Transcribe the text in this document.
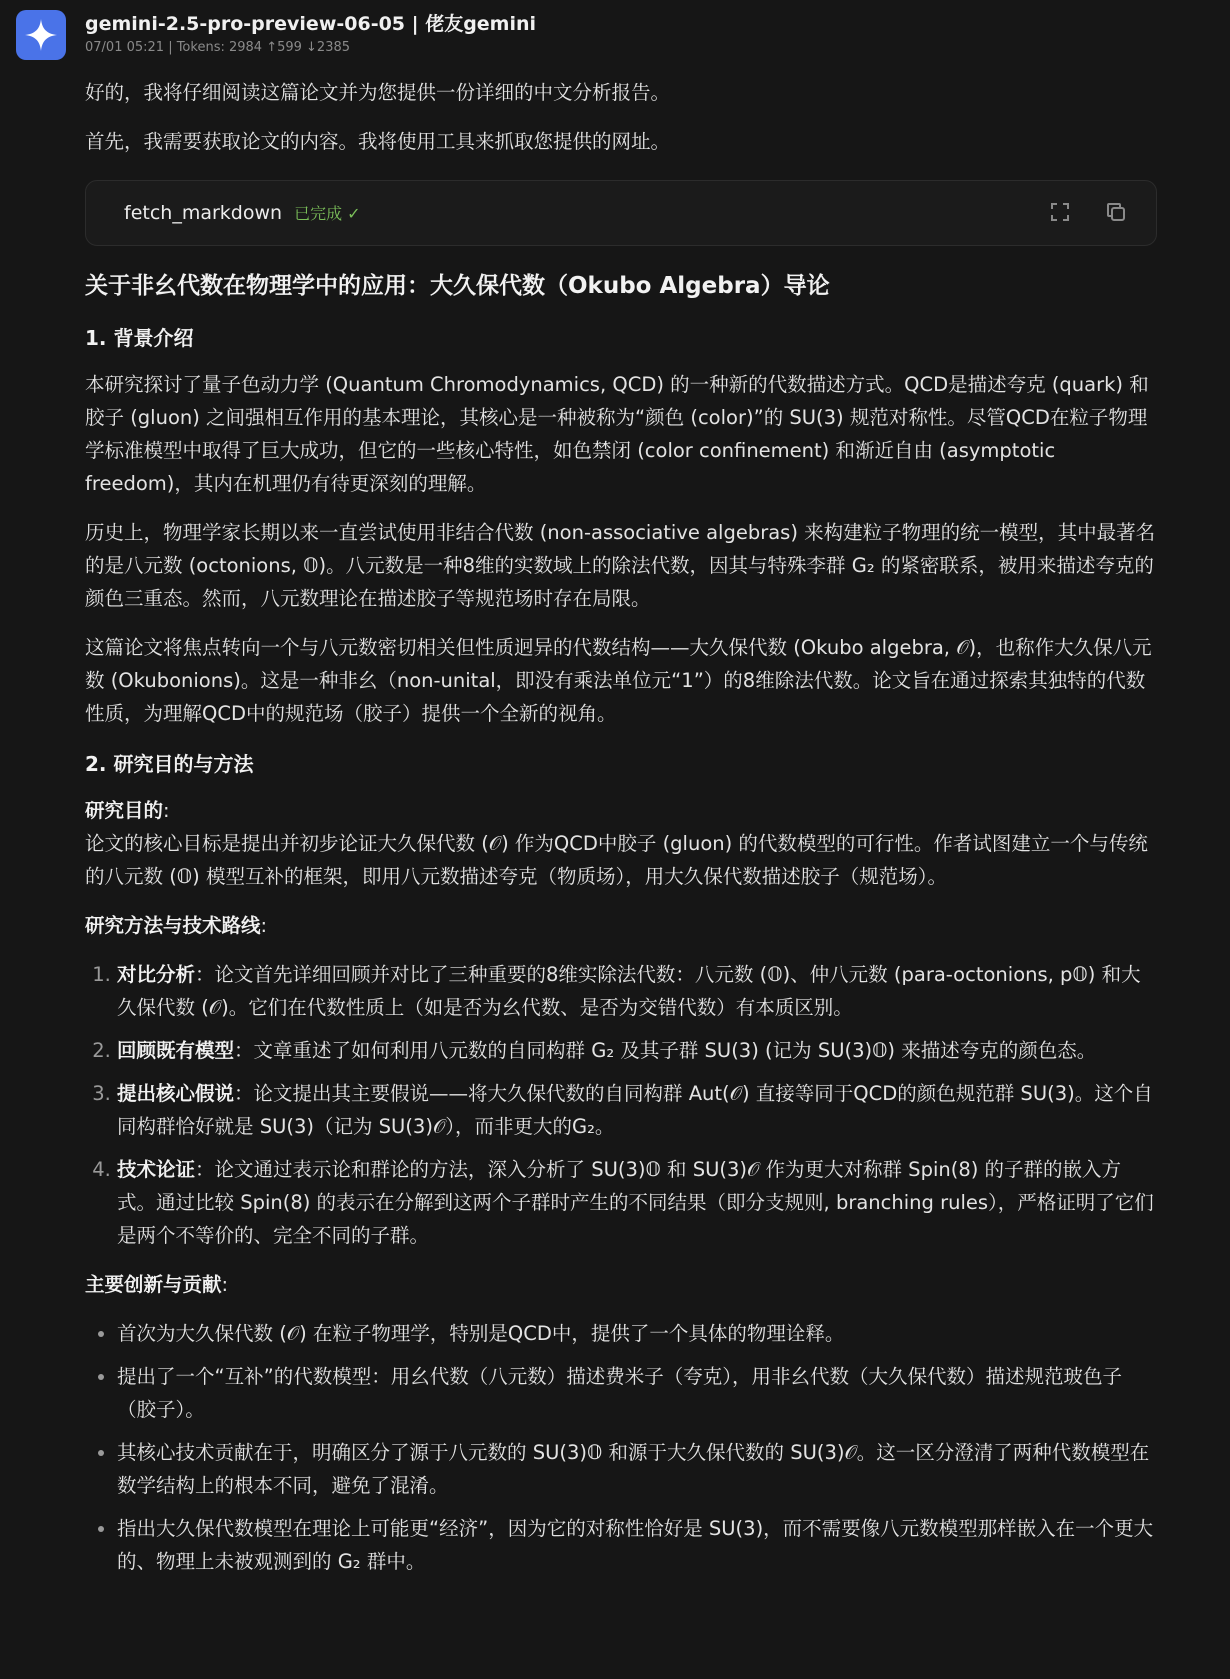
gemini-2.5-pro-preview-06-05 | 佬友gemini
07/01 05:21 | Tokens: 2984 ↑599 ↓2385

好的，我将仔细阅读这篇论文并为您提供一份详细的中文分析报告。

首先，我需要获取论文的内容。我将使用工具来抓取您提供的网址。

fetch_markdown 已完成 ✓
关于非幺代数在物理学中的应用：大久保代数（Okubo Algebra）导论
1. 背景介绍

本研究探讨了量子色动力学 (Quantum Chromodynamics, QCD) 的一种新的代数描述方式。QCD是描述夸克 (quark) 和胶子 (gluon) 之间强相互作用的基本理论，其核心是一种被称为“颜色 (color)”的 SU(3) 规范对称性。尽管QCD在粒子物理学标准模型中取得了巨大成功，但它的一些核心特性，如色禁闭 (color confinement) 和渐近自由 (asymptotic freedom)，其内在机理仍有待更深刻的理解。

历史上，物理学家长期以来一直尝试使用非结合代数 (non-associative algebras) 来构建粒子物理的统一模型，其中最著名的是八元数 (octonions, 𝕆)。八元数是一种8维的实数域上的除法代数，因其与特殊李群 G₂ 的紧密联系，被用来描述夸克的颜色三重态。然而，八元数理论在描述胶子等规范场时存在局限。

这篇论文将焦点转向一个与八元数密切相关但性质迥异的代数结构——大久保代数 (Okubo algebra, 𝒪)，也称作大久保八元数 (Okubonions)。这是一种非幺（non-unital，即没有乘法单位元“1”）的8维除法代数。论文旨在通过探索其独特的代数性质，为理解QCD中的规范场（胶子）提供一个全新的视角。

2. 研究目的与方法

研究目的:
论文的核心目标是提出并初步论证大久保代数 (𝒪) 作为QCD中胶子 (gluon) 的代数模型的可行性。作者试图建立一个与传统的八元数 (𝕆) 模型互补的框架，即用八元数描述夸克（物质场），用大久保代数描述胶子（规范场）。

研究方法与技术路线:

1. 对比分析：论文首先详细回顾并对比了三种重要的8维实除法代数：八元数 (𝕆)、仲八元数 (para-octonions, p𝕆) 和大久保代数 (𝒪)。它们在代数性质上（如是否为幺代数、是否为交错代数）有本质区别。
2. 回顾既有模型：文章重述了如何利用八元数的自同构群 G₂ 及其子群 SU(3) (记为 SU(3)𝕆) 来描述夸克的颜色态。
3. 提出核心假说：论文提出其主要假说——将大久保代数的自同构群 Aut(𝒪) 直接等同于QCD的颜色规范群 SU(3)。这个自同构群恰好就是 SU(3)（记为 SU(3)𝒪），而非更大的G₂。
4. 技术论证：论文通过表示论和群论的方法，深入分析了 SU(3)𝕆 和 SU(3)𝒪 作为更大对称群 Spin(8) 的子群的嵌入方式。通过比较 Spin(8) 的表示在分解到这两个子群时产生的不同结果（即分支规则, branching rules），严格证明了它们是两个不等价的、完全不同的子群。

主要创新与贡献:

• 首次为大久保代数 (𝒪) 在粒子物理学，特别是QCD中，提供了一个具体的物理诠释。
• 提出了一个“互补”的代数模型：用幺代数（八元数）描述费米子（夸克），用非幺代数（大久保代数）描述规范玻色子（胶子）。
• 其核心技术贡献在于，明确区分了源于八元数的 SU(3)𝕆 和源于大久保代数的 SU(3)𝒪。这一区分澄清了两种代数模型在数学结构上的根本不同，避免了混淆。
• 指出大久保代数模型在理论上可能更“经济”，因为它的对称性恰好是 SU(3)，而不需要像八元数模型那样嵌入在一个更大的、物理上未被观测到的 G₂ 群中。
